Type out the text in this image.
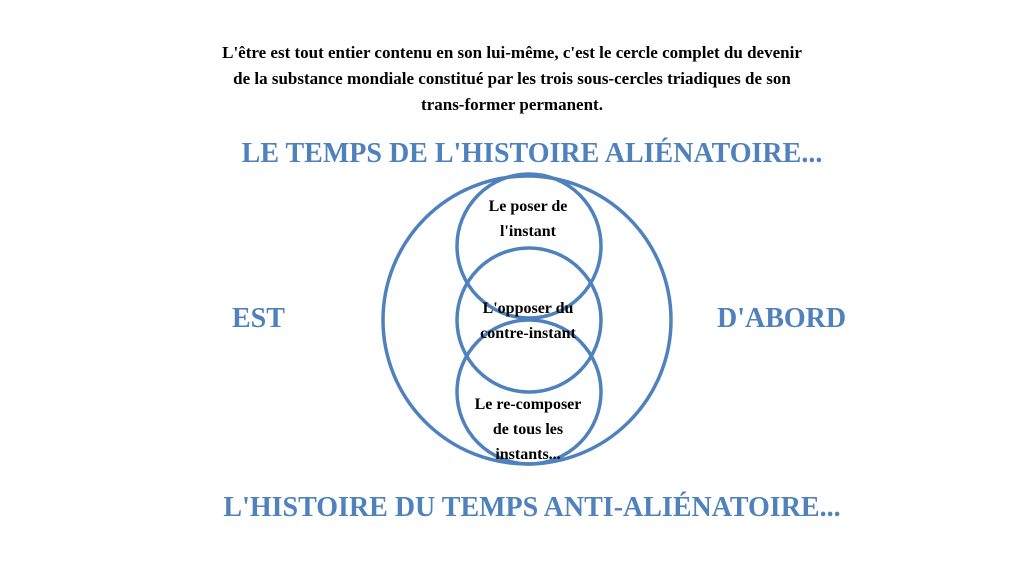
L'être est tout entier contenu en son lui-même, c'est le cercle complet du devenir
de la substance mondiale constitué par les trois sous-cercles triadiques de son
trans-former permanent.
LE TEMPS DE L'HISTOIRE ALIÉNATOIRE...
Le poser de
l'instant
L'opposer du
contre-instant
Le re-composer
de tous les
instants...
EST	D'ABORD
L'HISTOIRE DU TEMPS ANTI-ALIÉNATOIRE...
